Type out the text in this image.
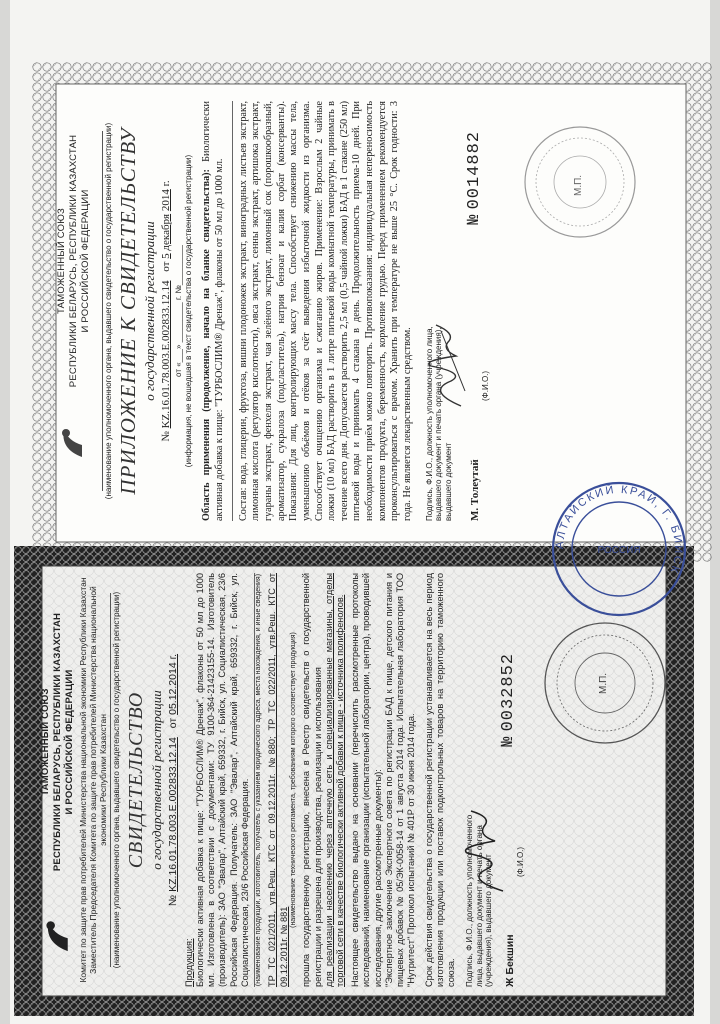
ТАМОЖЕННЫЙ СОЮЗ РЕСПУБЛИКИ БЕЛАРУСЬ, РЕСПУБЛИКИ КАЗАХСТАН И РОССИЙСКОЙ ФЕДЕРАЦИИ (наименование уполномоченного органа, выдавшего свидетельство о государственной регистрации) ПРИЛОЖЕНИЕ К СВИДЕТЕЛЬСТВУ о государственной регистрации
№ KZ.16.01.78.003.Е.002833.12.14 от 5 декабря 2014 г.
от «___» _________ г. №_________ (информация, не вошедшая в текст свидетельства о государственной регистрации) Область применения (продолжение, начало на бланке свидетельства): Биологически активная добавка к пище: "ТУРБОСЛИМ® Дренаж", флаконы от 50 мл до 1000 мл. Состав: вода, глицерин, фруктоза, вишни плодоножек экстракт, виноградных листьев экстракт, лимонная кислота (регулятор кислотности), овса экстракт, сенны экстракт, артишока экстракт, гуараны экстракт, фенхеля экстракт, чая зелёного экстракт, лимонный сок (порошкообразный, ароматизатор, сукралоза (подсластитель), натрия бензоат и калия сорбат (консерванты). Показания: Для лиц, контролирующих массу тела. Способствует снижению массы тела, уменьшению объёмов и отёков за счёт выведения избыточной жидкости из организма. Способствует очищению организма и сжиганию жиров. Применение: Взрослым 2 чайные ложки (10 мл) БАД растворить в 1 литре питьевой воды комнатной температуры, принимать в течение всего дня. Допускается растворить 2,5 мл (0,5 чайной ложки) БАД в 1 стакане (250 мл) питьевой воды и принимать 4 стакана в день. Продолжительность приема-10 дней. При необходимости приём можно повторить. Противопоказания: индивидуальная непереносимость компонентов продукта, беременность, кормление грудью. Перед применением рекомендуется проконсультироваться с врачом. Хранить при температуре не выше 25 °С. Срок годности: 3 года. Не является лекарственным средством. Подпись, Ф.И.О., должность уполномоченного лица, выдавшего документ и печать органа (учреждения), выдавшего документ М. Толеутай
(Ф.И.О.)
№ 0014882	М.П.
ТАМОЖЕННЫЙ СОЮЗ РЕСПУБЛИКИ БЕЛАРУСЬ, РЕСПУБЛИКИ КАЗАХСТАН И РОССИЙСКОЙ ФЕДЕРАЦИИ Комитет по защите прав потребителей Министерства национальной экономики Республики Казахстан Заместитель Председателя Комитета по защите прав потребителей Министерства национальной экономики Республики Казахстан (наименование уполномоченного органа, выдавшего свидетельство о государственной регистрации) СВИДЕТЕЛЬСТВО о государственной регистрации
№ KZ.16.01.78.003.Е.002833.12.14 от 05.12.2014 г.
Продукция:
Биологически активная добавка к пище: "ТУРБОСЛИМ® Дренаж", флаконы от 50 мл до 1000 мл. Изготовлена в соответствии с документами: ТУ 9100-364-21423155-14. Изготовитель (производитель): ЗАО "Эвалар", Алтайский край, 659332, г. Бийск, ул. Социалистическая, 23/6 Российская Федерация. Получатель: ЗАО "Эвалар", Алтайский край, 659332, г. Бийск, ул. Социалистическая, 23/6 Российская Федерация. (наименование продукции, изготовитель, получатель с указанием юридического адреса, места нахождения, и иные сведения) ТР ТС 021/2011, утв.Реш. КТС от 09.12.2011г. №880; ТР ТС 022/2011, утв.Реш. КТС от 09.12.2011г. № 881
(наименование технического регламента, требованиям которого соответствует продукция) прошла государственную регистрацию, внесена в Реестр свидетельств о государственной регистрации и разрешена для производства, реализации и использования для реализации населению через аптечную сеть и специализированные магазины, отделы торговой сети в качестве биологически активной добавки к пище - источника полифенолов. Настоящее свидетельство выдано на основании (перечислить рассмотренные протоколы исследований, наименование организации (испытательной лаборатории, центра), проводившей исследования, другие рассмотренные документы): "Экспертное заключение Экспертного совета по регистрации БАД к пище, детского питания и пищевых добавок № 05/ЭК-0058-14 от 1 августа 2014 года. Испытательная лаборатория ТОО "Нутритест" Протокол испытаний № 401Р от 30 июня 2014 года. Срок действия свидетельства о государственной регистрации устанавливается на весь период изготовления продукции или поставок подконтрольных товаров на территорию таможенного союза. Подпись, Ф.И.О., должность уполномоченного лица, выдавшего документ и печать органа (учреждения), выдавшего документ Ж Бекшин
(Ф.И.О.)
№ 0032852	М.П.
АЛТАЙСКИЙ КРАЙ, Г. БИЙСК
РОССИЯ
